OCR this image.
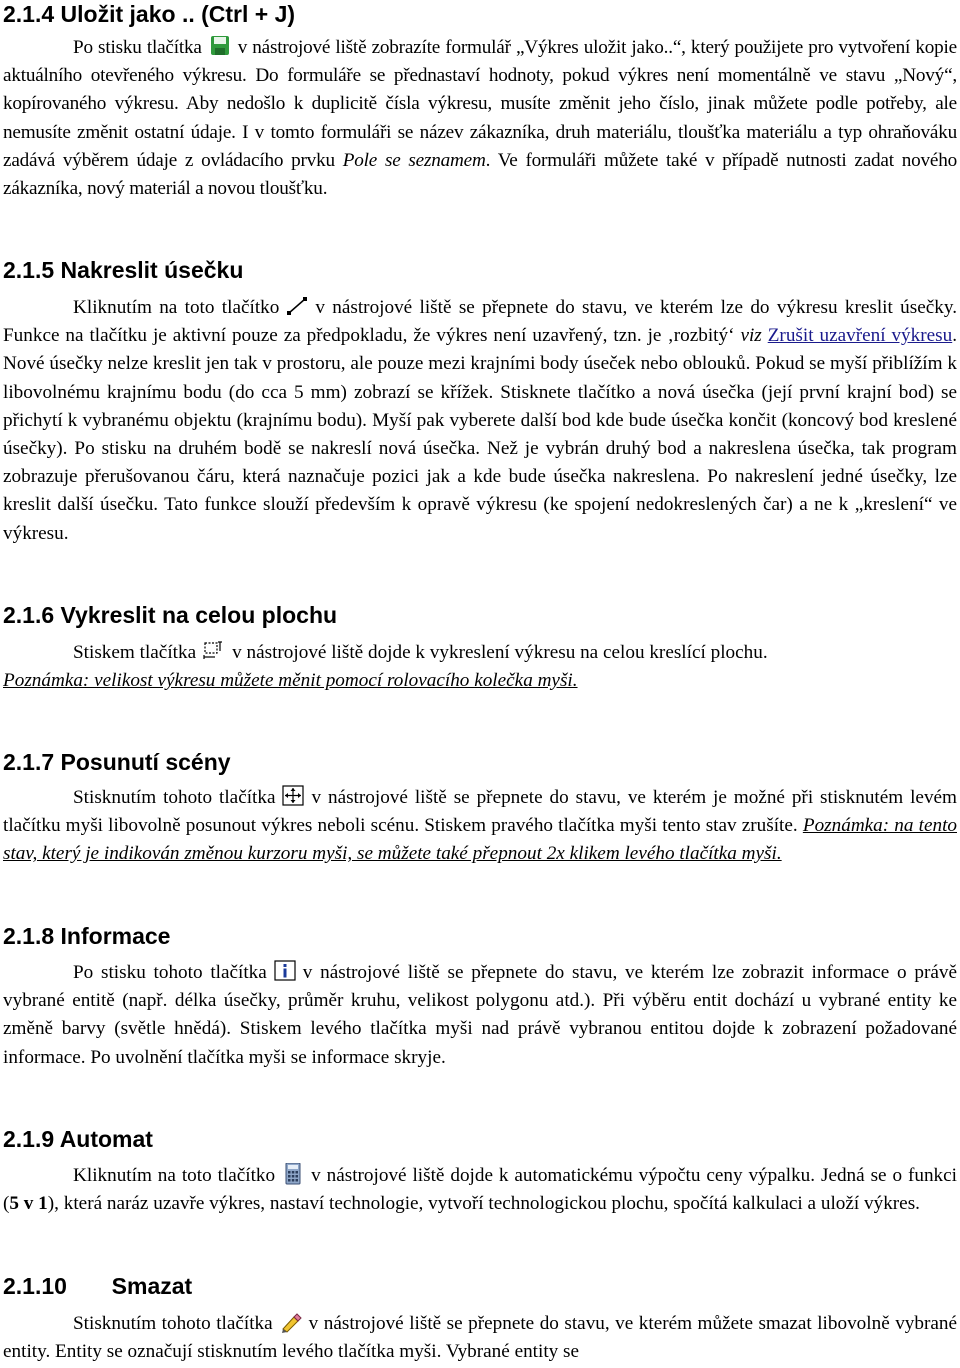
2.1.4 Uložit jako .. (Ctrl + J)

Po stisku tlačítka v nástrojové liště zobrazíte formulář „Výkres uložit jako..“, který použijete pro vytvoření kopie aktuálního otevřeného výkresu. Do formuláře se přednastaví hodnoty, pokud výkres není momentálně ve stavu „Nový“, kopírovaného výkresu. Aby nedošlo k duplicitě čísla výkresu, musíte změnit jeho číslo, jinak můžete podle potřeby, ale nemusíte změnit ostatní údaje. I v tomto formuláři se název zákazníka, druh materiálu, tloušťka materiálu a typ ohraňováku zadává výběrem údaje z ovládacího prvku Pole se seznamem. Ve formuláři můžete také v případě nutnosti zadat nového zákazníka, nový materiál a novou tloušťku.

2.1.5 Nakreslit úsečku

Kliknutím na toto tlačítko v nástrojové liště se přepnete do stavu, ve kterém lze do výkresu kreslit úsečky. Funkce na tlačítku je aktivní pouze za předpokladu, že výkres není uzavřený, tzn. je ‚rozbitý‘ viz Zrušit uzavření výkresu. Nové úsečky nelze kreslit jen tak v prostoru, ale pouze mezi krajními body úseček nebo oblouků. Pokud se myší přiblížím k libovolnému krajnímu bodu (do cca 5 mm) zobrazí se křížek. Stisknete tlačítko a nová úsečka (její první krajní bod) se přichytí k vybranému objektu (krajnímu bodu). Myší pak vyberete další bod kde bude úsečka končit (koncový bod kreslené úsečky). Po stisku na druhém bodě se nakreslí nová úsečka. Než je vybrán druhý bod a nakreslena úsečka, tak program zobrazuje přerušovanou čáru, která naznačuje pozici jak a kde bude úsečka nakreslena. Po nakreslení jedné úsečky, lze kreslit další úsečku. Tato funkce slouží především k opravě výkresu (ke spojení nedokreslených čar) a ne k „kreslení“ ve výkresu.

2.1.6 Vykreslit na celou plochu

Stiskem tlačítka v nástrojové liště dojde k vykreslení výkresu na celou kreslící plochu.

Poznámka: velikost výkresu můžete měnit pomocí rolovacího kolečka myši.

2.1.7 Posunutí scény

Stisknutím tohoto tlačítka v nástrojové liště se přepnete do stavu, ve kterém je možné při stisknutém levém tlačítku myši libovolně posunout výkres neboli scénu. Stiskem pravého tlačítka myši tento stav zrušíte. Poznámka: na tento stav, který je indikován změnou kurzoru myši, se můžete také přepnout 2x klikem levého tlačítka myši.

2.1.8 Informace

Po stisku tohoto tlačítka v nástrojové liště se přepnete do stavu, ve kterém lze zobrazit informace o právě vybrané entitě (např. délka úsečky, průměr kruhu, velikost polygonu atd.). Při výběru entit dochází u vybrané entity ke změně barvy (světle hnědá). Stiskem levého tlačítka myši nad právě vybranou entitou dojde k zobrazení požadované informace. Po uvolnění tlačítka myši se informace skryje.

2.1.9 Automat

Kliknutím na toto tlačítko v nástrojové liště dojde k automatickému výpočtu ceny výpalku. Jedná se o funkci (5 v 1), která naráz uzavře výkres, nastaví technologie, vytvoří technologickou plochu, spočítá kalkulaci a uloží výkres.

2.1.10       Smazat

Stisknutím tohoto tlačítka v nástrojové liště se přepnete do stavu, ve kterém můžete smazat libovolně vybrané entity. Entity se označují stisknutím levého tlačítka myši. Vybrané entity se
